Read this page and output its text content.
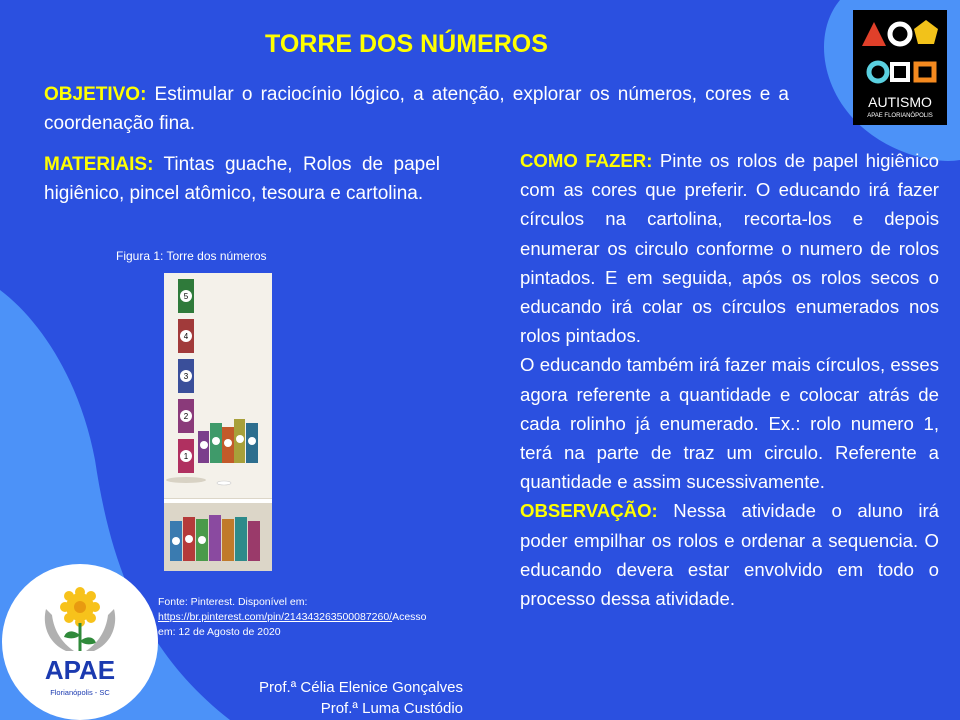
TORRE DOS NÚMEROS
OBJETIVO: Estimular o raciocínio lógico, a atenção, explorar os números, cores e a coordenação fina.
MATERIAIS: Tintas guache, Rolos de papel higiênico, pincel atômico, tesoura e cartolina.
Figura 1: Torre dos números
5
4
3
2
1
Fonte: Pinterest. Disponível em: https://br.pinterest.com/pin/214343263500087260/Acesso em: 12 de Agosto de 2020

COMO FAZER: Pinte os rolos de papel higiênico com as cores que preferir. O educando irá fazer círculos na cartolina, recorta-los e depois enumerar os circulo conforme o numero de rolos pintados. E em seguida, após os rolos secos o educando irá colar os círculos enumerados nos rolos pintados.

O educando também irá fazer mais círculos, esses agora referente a quantidade e colocar atrás de cada rolinho já enumerado. Ex.: rolo numero 1, terá na parte de traz um circulo. Referente a quantidade e assim sucessivamente.

OBSERVAÇÃO: Nessa atividade o aluno irá poder empilhar os rolos e ordenar a sequencia. O educando devera estar envolvido em todo o processo dessa atividade.

Prof.ª Célia Elenice Gonçalves
Prof.ª Luma Custódio
AUTISMO
APAE FLORIANÓPOLIS
APAE
Florianópolis - SC
